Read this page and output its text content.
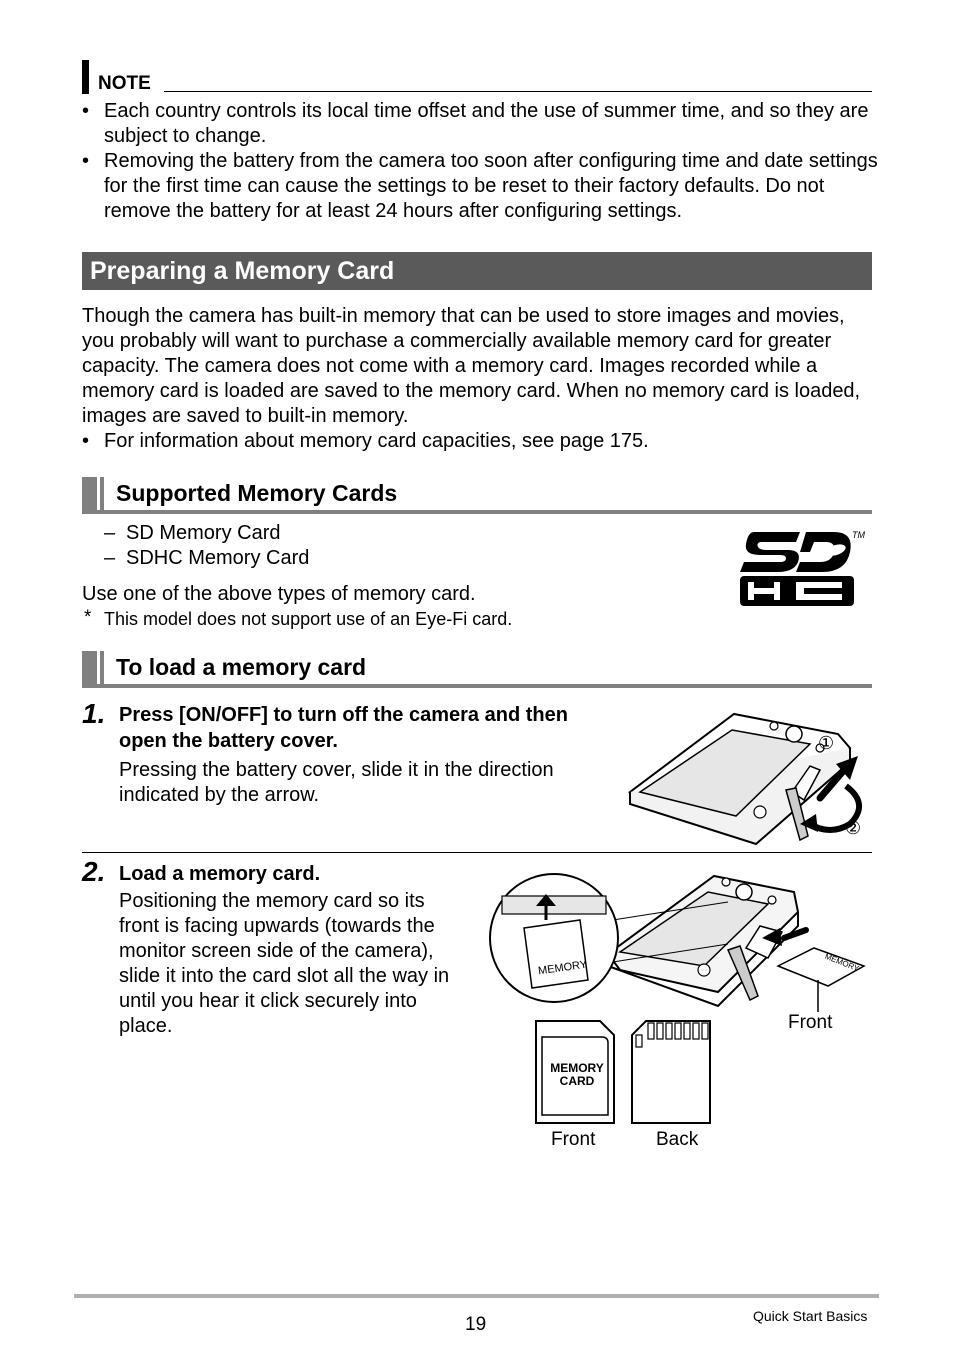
NOTE
• Each country controls its local time offset and the use of summer time, and so they are subject to change.
• Removing the battery from the camera too soon after configuring time and date settings for the first time can cause the settings to be reset to their factory defaults. Do not remove the battery for at least 24 hours after configuring settings.
Preparing a Memory Card
Though the camera has built-in memory that can be used to store images and movies, you probably will want to purchase a commercially available memory card for greater capacity. The camera does not come with a memory card. Images recorded while a memory card is loaded are saved to the memory card. When no memory card is loaded, images are saved to built-in memory.
• For information about memory card capacities, see page 175.
Supported Memory Cards
– SD Memory Card
– SDHC Memory Card
Use one of the above types of memory card.
* This model does not support use of an Eye-Fi card.
TM
To load a memory card
1. Press [ON/OFF] to turn off the camera and then open the battery cover.
Pressing the battery cover, slide it in the direction indicated by the arrow.
①
②
2. Load a memory card.
Positioning the memory card so its front is facing upwards (towards the monitor screen side of the camera), slide it into the card slot all the way in until you hear it click securely into place.
MEMORY	MEMORY
Front
MEMORY
CARD
Front	Back
19	Quick Start Basics
